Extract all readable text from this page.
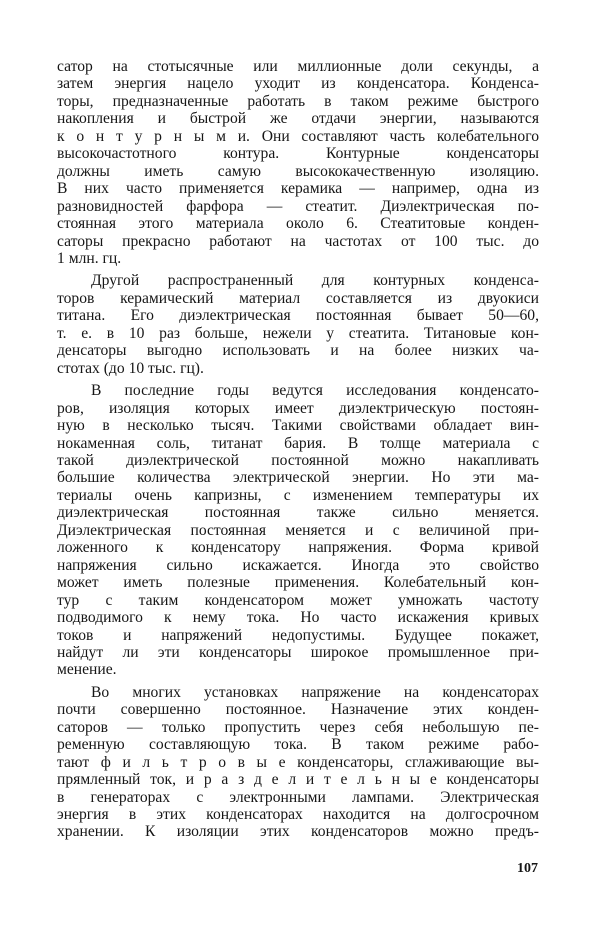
сатор на стотысячные или миллионные доли секунды, а
затем энергия нацело уходит из конденсатора. Конденса-
торы, предназначенные работать в таком режиме быстрого
накопления и быстрой же отдачи энергии, называются
к о н т у р н ы м и. Они составляют часть колебательного
высокочастотного контура. Контурные конденсаторы
должны иметь самую высококачественную изоляцию.
В них часто применяется керамика — например, одна из
разновидностей фарфора — стеатит. Диэлектрическая по-
стоянная этого материала около 6. Стеатитовые конден-
саторы прекрасно работают на частотах от 100 тыс. до
1 млн. гц.

Другой распространенный для контурных конденса-
торов керамический материал составляется из двуокиси
титана. Его диэлектрическая постоянная бывает 50—60,
т. е. в 10 раз больше, нежели у стеатита. Титановые кон-
денсаторы выгодно использовать и на более низких ча-
стотах (до 10 тыс. гц).

В последние годы ведутся исследования конденсато-
ров, изоляция которых имеет диэлектрическую постоян-
ную в несколько тысяч. Такими свойствами обладает вин-
нокаменная соль, титанат бария. В толще материала с
такой диэлектрической постоянной можно накапливать
большие количества электрической энергии. Но эти ма-
териалы очень капризны, с изменением температуры их
диэлектрическая постоянная также сильно меняется.
Диэлектрическая постоянная меняется и с величиной при-
ложенного к конденсатору напряжения. Форма кривой
напряжения сильно искажается. Иногда это свойство
может иметь полезные применения. Колебательный кон-
тур с таким конденсатором может умножать частоту
подводимого к нему тока. Но часто искажения кривых
токов и напряжений недопустимы. Будущее покажет,
найдут ли эти конденсаторы широкое промышленное при-
менение.

Во многих установках напряжение на конденсаторах
почти совершенно постоянное. Назначение этих конден-
саторов — только пропустить через себя небольшую пе-
ременную составляющую тока. В таком режиме рабо-
тают ф и л ь т р о в ы е конденсаторы, сглаживающие вы-
прямленный ток, и р а з д е л и т е л ь н ы е конденсаторы
в генераторах с электронными лампами. Электрическая
энергия в этих конденсаторах находится на долгосрочном
хранении. К изоляции этих конденсаторов можно предъ-

107
